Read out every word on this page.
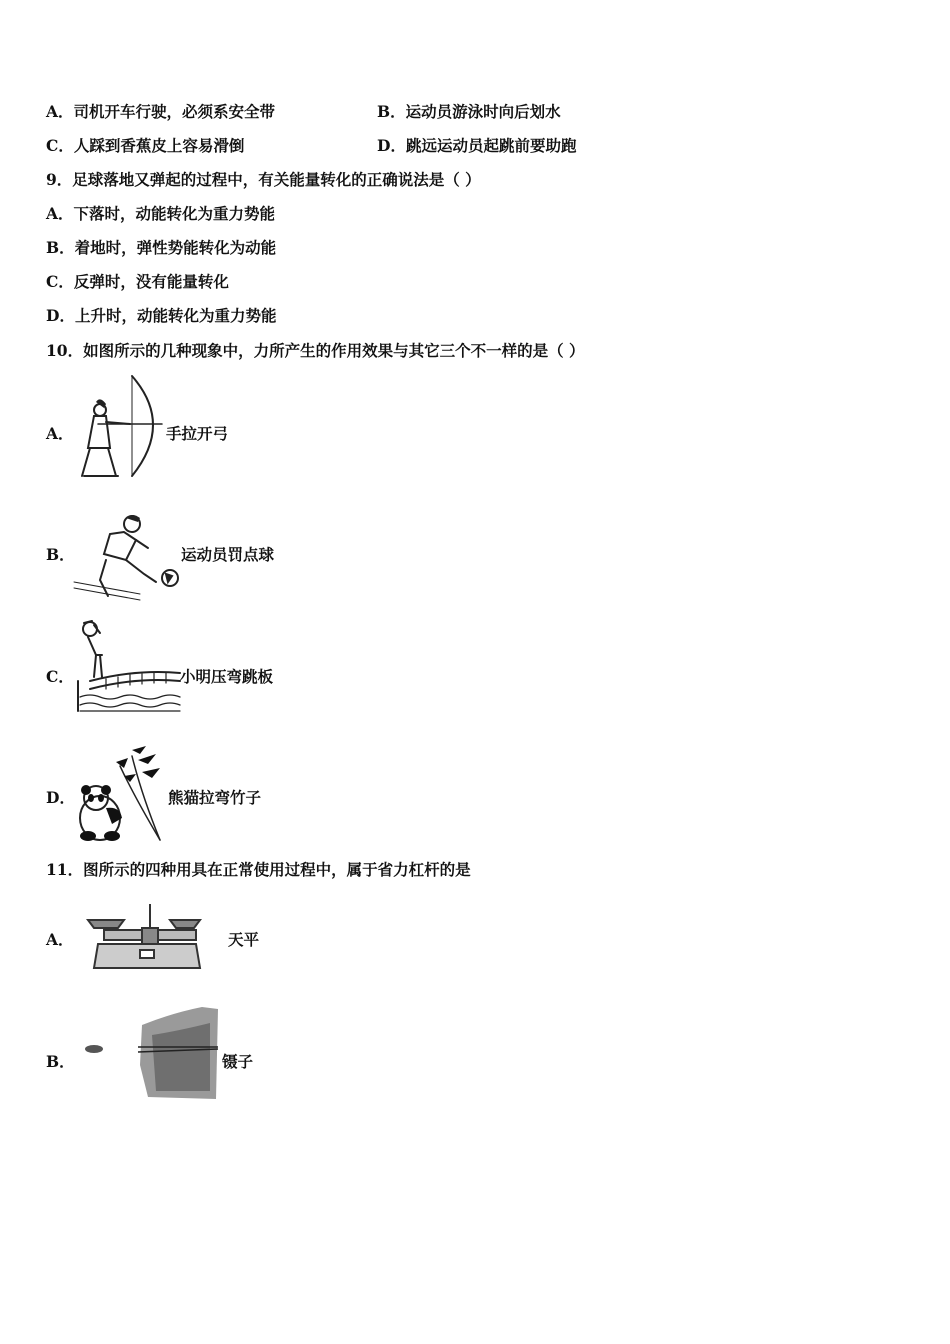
A．司机开车行驶，必须系安全带	B．运动员游泳时向后划水
C．人踩到香蕉皮上容易滑倒	D．跳远运动员起跳前要助跑
9．足球落地又弹起的过程中，有关能量转化的正确说法是（ ）
A．下落时，动能转化为重力势能
B．着地时，弹性势能转化为动能
C．反弹时，没有能量转化
D．上升时，动能转化为重力势能
10．如图所示的几种现象中，力所产生的作用效果与其它三个不一样的是（ ）
A．	手拉开弓
B．	运动员罚点球
C．	小明压弯跳板
D．	熊猫拉弯竹子
11．图所示的四种用具在正常使用过程中，属于省力杠杆的是
A．	天平
B．	镊子
